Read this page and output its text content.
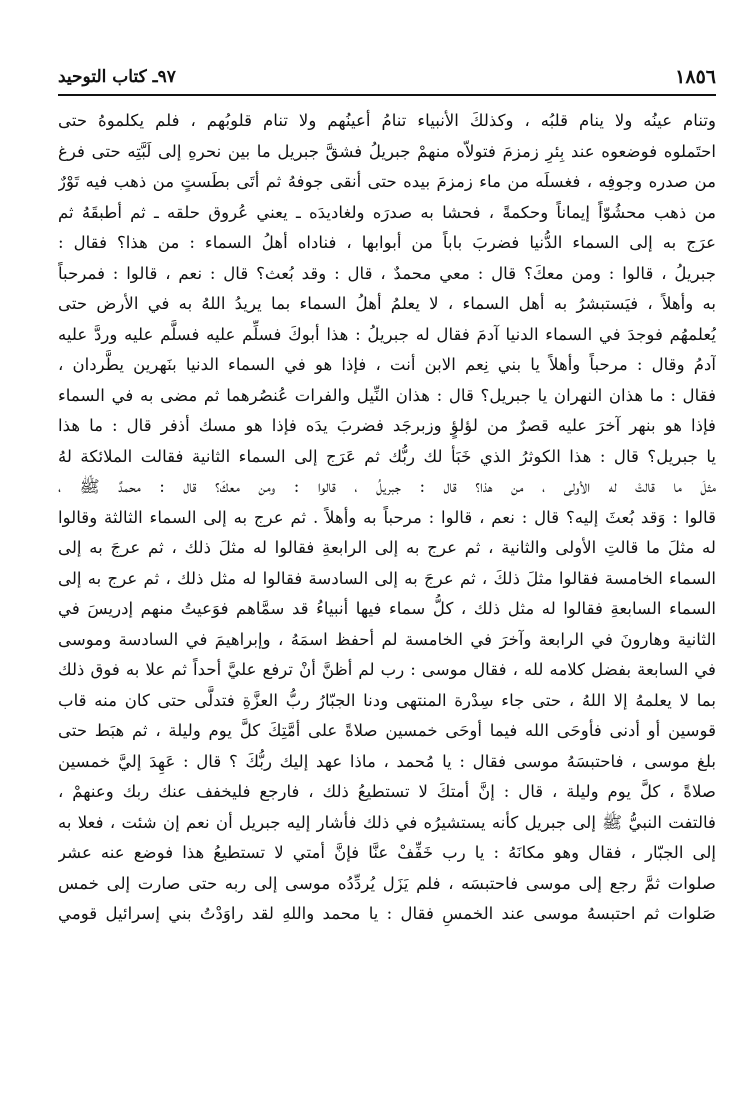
٩٧ـ كتاب التوحيد	١٨٥٦
وتنام عينُه ولا ينام قلبُه ، وكذلكَ الأنبياء تنامُ أعينُهم ولا تنام قلوبُهم ، فلم يكلموهُ حتى
احتَملوه فوضعوه عند بِئرِ زمزمَ فتولاّه منهمْ جبريلُ فشقَّ جبريل ما بين نحرهِ إلى لَبَّتِه حتى فرغ
من صدره وجوفِه ، فغسلَه من ماء زمزمَ بيده حتى أنقى جوفهُ ثم أتَى بطَستٍ من ذهب فيه تَوْرٌ
من ذهب محشُوّاً إيماناً وحكمةً ، فحشا به صدرَه ولغاديدَه ـ يعني عُروق حلقه ـ ثم أطبقَهُ ثم
عرَج به إلى السماء الدُّنيا فضربَ باباً من أبوابها ، فناداه أهلُ السماء : من هذا؟ فقال :
جبريلُ ، قالوا : ومن معكَ؟ قال : معي محمدٌ ، قال : وقد بُعث؟ قال : نعم ، قالوا : فمرحباً
به وأهلاً ، فيَستبشرُ به أهل السماء ، لا يعلمُ أهلُ السماء بما يريدُ اللهُ به في الأرض حتى
يُعلمهُم فوجدَ في السماء الدنيا آدمَ فقال له جبريلُ : هذا أبوكَ فسلِّم عليه فسلَّم عليه وردَّ عليه
آدمُ وقال : مرحباً وأهلاً يا بني نِعم الابن أنت ، فإذا هو في السماء الدنيا بنَهرين يطَّردان ،
فقال : ما هذان النهران يا جبريل؟ قال : هذان النِّيل والفرات عُنصُرهما ثم مضى به في السماء
فإذا هو بنهر آخرَ عليه قصرٌ من لؤلؤٍ وزبرجَد فضربَ يدَه فإذا هو مسك أذفر قال : ما هذا
يا جبريل؟ قال : هذا الكوثرُ الذي خَبَأ لك ربُّك ثم عَرَج إلى السماء الثانية فقالت الملائكة لهُ
مثلَ ما قالتْ له الأولى ، من هذا؟ قال : جبريلُ ، قالوا : ومن معكَ؟ قال : محمدٌ ﷺ ،
قالوا : وَقد بُعثَ إليه؟ قال : نعم ، قالوا : مرحباً به وأهلاً . ثم عرج به إلى السماء الثالثة وقالوا
له مثلَ ما قالتِ الأولى والثانية ، ثم عرج به إلى الرابعةِ فقالوا له مثلَ ذلك ، ثم عرجَ به إلى
السماء الخامسة فقالوا مثلَ ذلكَ ، ثم عرجَ به إلى السادسة فقالوا له مثل ذلك ، ثم عرج به إلى
السماء السابعةِ فقالوا له مثل ذلك ، كلُّ سماء فيها أنبياءُ قد سمَّاهم فوَعيتُ منهم إدريسَ في
الثانية وهارونَ في الرابعة وآخرَ في الخامسة لم أحفظ اسمَهُ ، وإبراهيمَ في السادسة وموسى
في السابعة بفضل كلامه لله ، فقال موسى : رب لم أظنَّ أنْ ترفع عليَّ أحداً ثم علا به فوق ذلك
بما لا يعلمهُ إلا اللهُ ، حتى جاء سِدْرة المنتهى ودنا الجبّارُ ربُّ العزَّةِ فتدلَّى حتى كان منه قاب
قوسين أو أدنى فأوحَى الله فيما أوحَى خمسين صلاةً على أمَّتِكَ كلَّ يوم وليلة ، ثم هبَط حتى
بلغ موسى ، فاحتبسَهُ موسى فقال : يا مُحمد ، ماذا عهد إليك ربُّكَ ؟ قال : عَهِدَ إليَّ خمسين
صلاةً ، كلَّ يوم وليلة ، قال : إنَّ أمتكَ لا تستطيعُ ذلك ، فارجع فليخفف عنك ربك وعنهمْ ،
فالتفت النبيُّ ﷺ إلى جبريل كأنه يستشيرُه في ذلك فأشار إليه جبريل أن نعم إن شئت ، فعلا به
إلى الجبّار ، فقال وهو مكانَهُ : يا رب خَفِّفْ عنَّا فإنَّ أمتي لا تستطيعُ هذا فوضع عنه عشر
صلوات ثمَّ رجع إلى موسى فاحتبسَه ، فلم يَزَل يُردِّدُه موسى إلى ربه حتى صارت إلى خمس
صَلوات ثم احتبسهُ موسى عند الخمسِ فقال : يا محمد واللهِ لقد راوَدْتُ بني إسرائيل قومي
